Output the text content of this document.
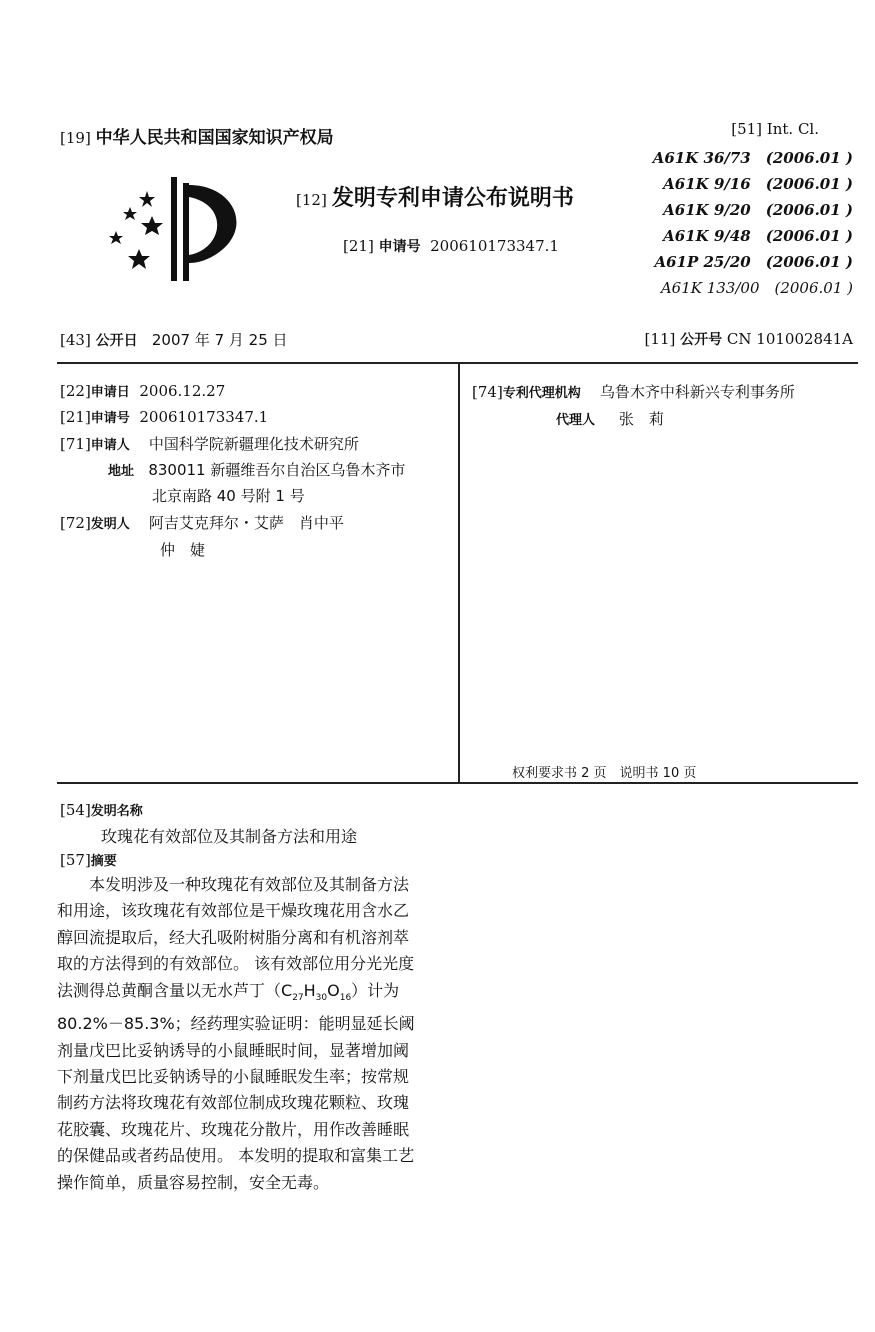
[19] 中华人民共和国国家知识产权局
[12] 发明专利申请公布说明书
[21] 申请号 200610173347.1
[51] Int. Cl.
A61K 36/73　(2006.01 )
A61K 9/16　(2006.01 )
A61K 9/20　(2006.01 )
A61K 9/48　(2006.01 )
A61P 25/20　(2006.01 )
A61K 133/00　(2006.01 )
[43] 公开日 2007 年 7 月 25 日	[11] 公开号 CN 101002841A
[22]申请日 2006.12.27
[21]申请号 200610173347.1
[71]申请人 中国科学院新疆理化技术研究所
地址 830011 新疆维吾尔自治区乌鲁木齐市
北京南路 40 号附 1 号
[72]发明人 阿吉艾克拜尔・艾萨　肖中平
仲　婕
[74]专利代理机构 乌鲁木齐中科新兴专利事务所
代理人 张　莉
权利要求书 2 页　说明书 10 页
[54]发明名称
玫瑰花有效部位及其制备方法和用途
[57]摘要

本发明涉及一种玫瑰花有效部位及其制备方法

和用途，该玫瑰花有效部位是干燥玫瑰花用含水乙

醇回流提取后，经大孔吸附树脂分离和有机溶剂萃

取的方法得到的有效部位。 该有效部位用分光光度

法测得总黄酮含量以无水芦丁$(C_{27}H_{30}O_{16})$计为

80.2%－85.3%；经药理实验证明：能明显延长阈

剂量戊巴比妥钠诱导的小鼠睡眠时间，显著增加阈

下剂量戊巴比妥钠诱导的小鼠睡眠发生率；按常规

制药方法将玫瑰花有效部位制成玫瑰花颗粒、玫瑰

花胶囊、玫瑰花片、玫瑰花分散片，用作改善睡眠

的保健品或者药品使用。 本发明的提取和富集工艺

操作简单，质量容易控制，安全无毒。
